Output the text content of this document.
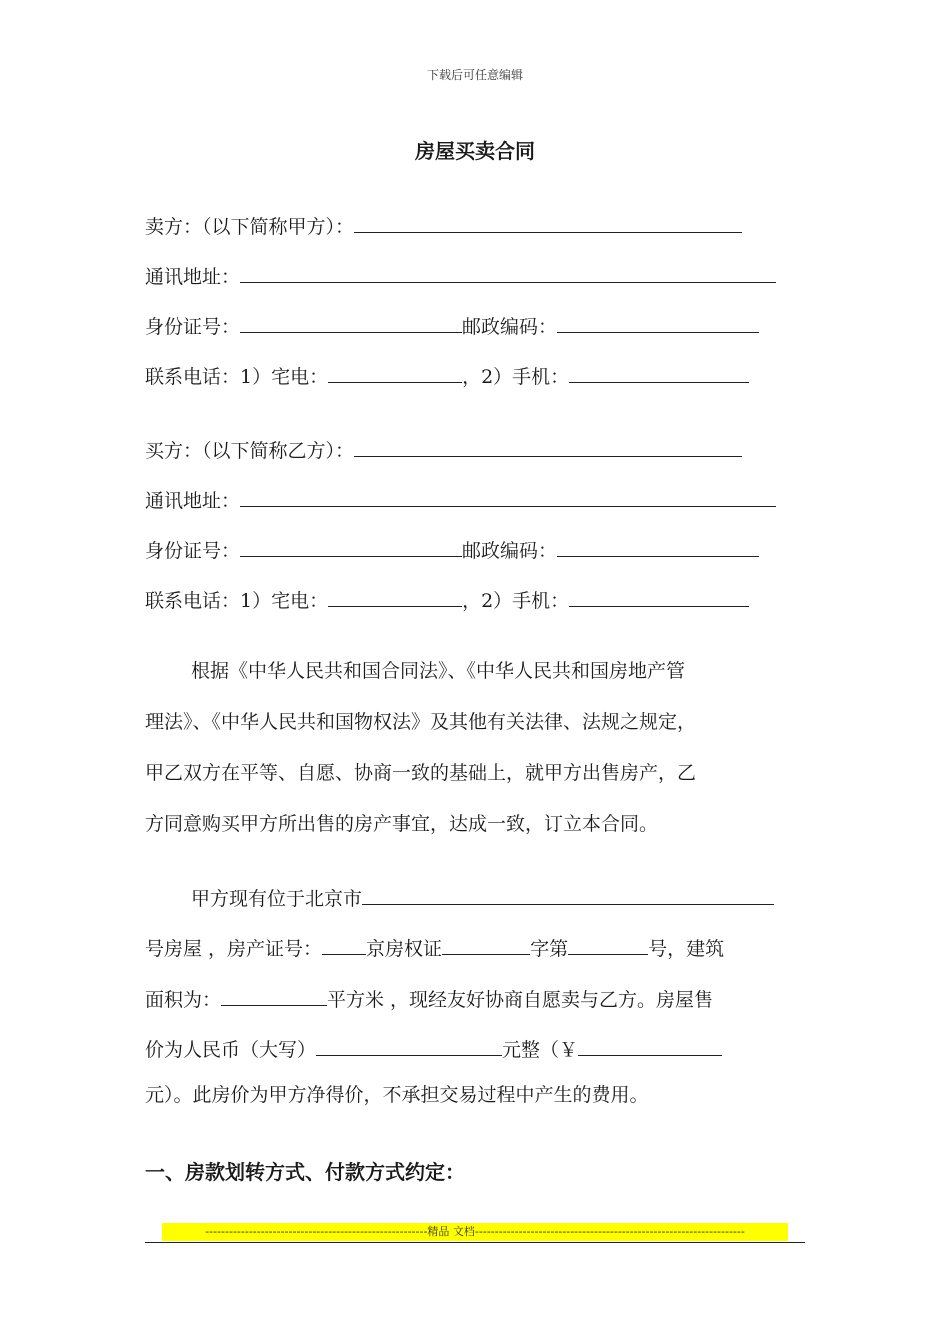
下载后可任意编辑
房屋买卖合同
卖方：（以下简称甲方）：
通讯地址：
身份证号：	邮政编码：
联系电话：1）宅电：	，2）手机：
买方：（以下简称乙方）：
通讯地址：
身份证号：	邮政编码：
联系电话：1）宅电：	，2）手机：
根据《中华人民共和国合同法》、《中华人民共和国房地产管
理法》、《中华人民共和国物权法》及其他有关法律、法规之规定，
甲乙双方在平等、自愿、协商一致的基础上，就甲方出售房产，乙
方同意购买甲方所出售的房产事宜，达成一致，订立本合同。
甲方现有位于北京市
号房屋 ，房产证号： 京房权证	字第	号，建筑
面积为：	平方米 ，现经友好协商自愿卖与乙方。房屋售
价为人民币（大写）	元整（￥
元）。此房价为甲方净得价，不承担交易过程中产生的费用。
一、房款划转方式、付款方式约定：
--------------------------------------------------------精品 文档--------------------------------------------------------------------
